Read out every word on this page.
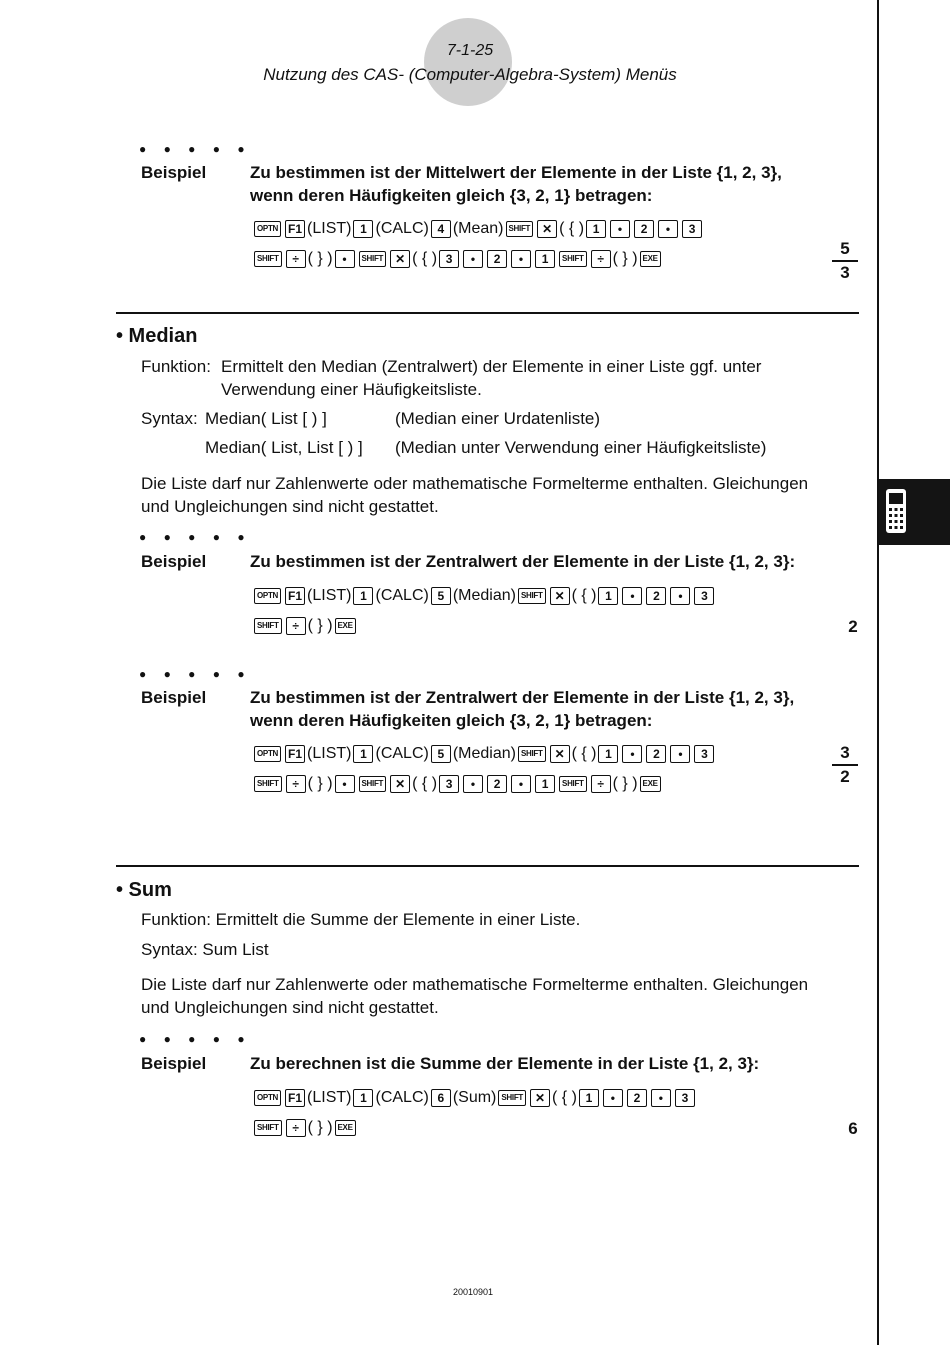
7-1-25
Nutzung des CAS- (Computer-Algebra-System) Menüs
● ● ● ● ●
Beispiel	Zu bestimmen ist der Mittelwert der Elemente in der Liste {1, 2, 3},
wenn deren Häufigkeiten gleich {3, 2, 1} betragen:
OPTN F1 (LIST) 1 (CALC) 4 (Mean) SHIFT ✕ ( { ) 1 • 2 • 3
SHIFT ÷ ( } ) • SHIFT ✕ ( { ) 3 • 2 • 1 SHIFT ÷ ( } ) EXE
5
3
• Median
Funktion: Ermittelt den Median (Zentralwert) der Elemente in einer Liste ggf. unter
Verwendung einer Häufigkeitsliste.
Syntax: Median( List [ ) ]	(Median einer Urdatenliste)
Median( List, List [ ) ] (Median unter Verwendung einer Häufigkeitsliste)
Die Liste darf nur Zahlenwerte oder mathematische Formelterme enthalten. Gleichungen
und Ungleichungen sind nicht gestattet.
● ● ● ● ●
Beispiel	Zu bestimmen ist der Zentralwert der Elemente in der Liste {1, 2, 3}:
OPTN F1 (LIST) 1 (CALC) 5 (Median) SHIFT ✕ ( { ) 1 • 2 • 3
SHIFT ÷ ( } ) EXE	2
● ● ● ● ●
Beispiel	Zu bestimmen ist der Zentralwert der Elemente in der Liste {1, 2, 3},
wenn deren Häufigkeiten gleich {3, 2, 1} betragen:
OPTN F1 (LIST) 1 (CALC) 5 (Median) SHIFT ✕ ( { ) 1 • 2 • 3
SHIFT ÷ ( } ) • SHIFT ✕ ( { ) 3 • 2 • 1 SHIFT ÷ ( } ) EXE
3
2
• Sum
Funktion: Ermittelt die Summe der Elemente in einer Liste.
Syntax: Sum List
Die Liste darf nur Zahlenwerte oder mathematische Formelterme enthalten. Gleichungen
und Ungleichungen sind nicht gestattet.
● ● ● ● ●
Beispiel	Zu berechnen ist die Summe der Elemente in der Liste {1, 2, 3}:
OPTN F1 (LIST) 1 (CALC) 6 (Sum) SHIFT ✕ ( { ) 1 • 2 • 3
SHIFT ÷ ( } ) EXE	6
20010901
